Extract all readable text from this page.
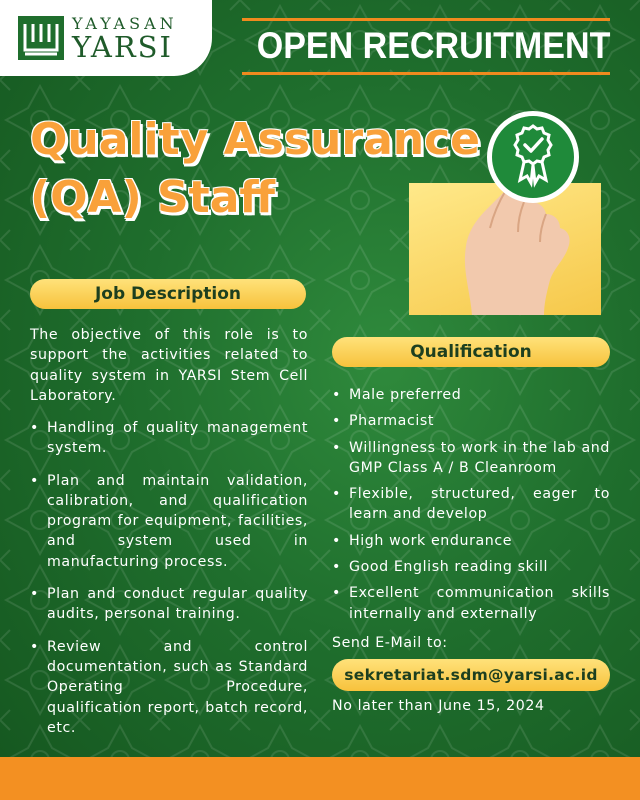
YAYASAN
YARSI OPEN RECRUITMENT
Quality Assurance
(QA) Staff
Job Description
The objective of this role is to support the activities related to quality system in YARSI Stem Cell Laboratory.
• Handling of quality management system.
• Plan and maintain validation, calibration, and qualification program for equipment, facilities, and system used in manufacturing process.
• Plan and conduct regular quality audits, personal training.
• Review and control documentation, such as Standard Operating Procedure, qualification report, batch record, etc.
Qualification
• Male preferred
• Pharmacist
• Willingness to work in the lab and GMP Class A / B Cleanroom
• Flexible, structured, eager to learn and develop
• High work endurance
• Good English reading skill
• Excellent communication skills internally and externally
Send E-Mail to:
sekretariat.sdm@yarsi.ac.id
No later than June 15, 2024
